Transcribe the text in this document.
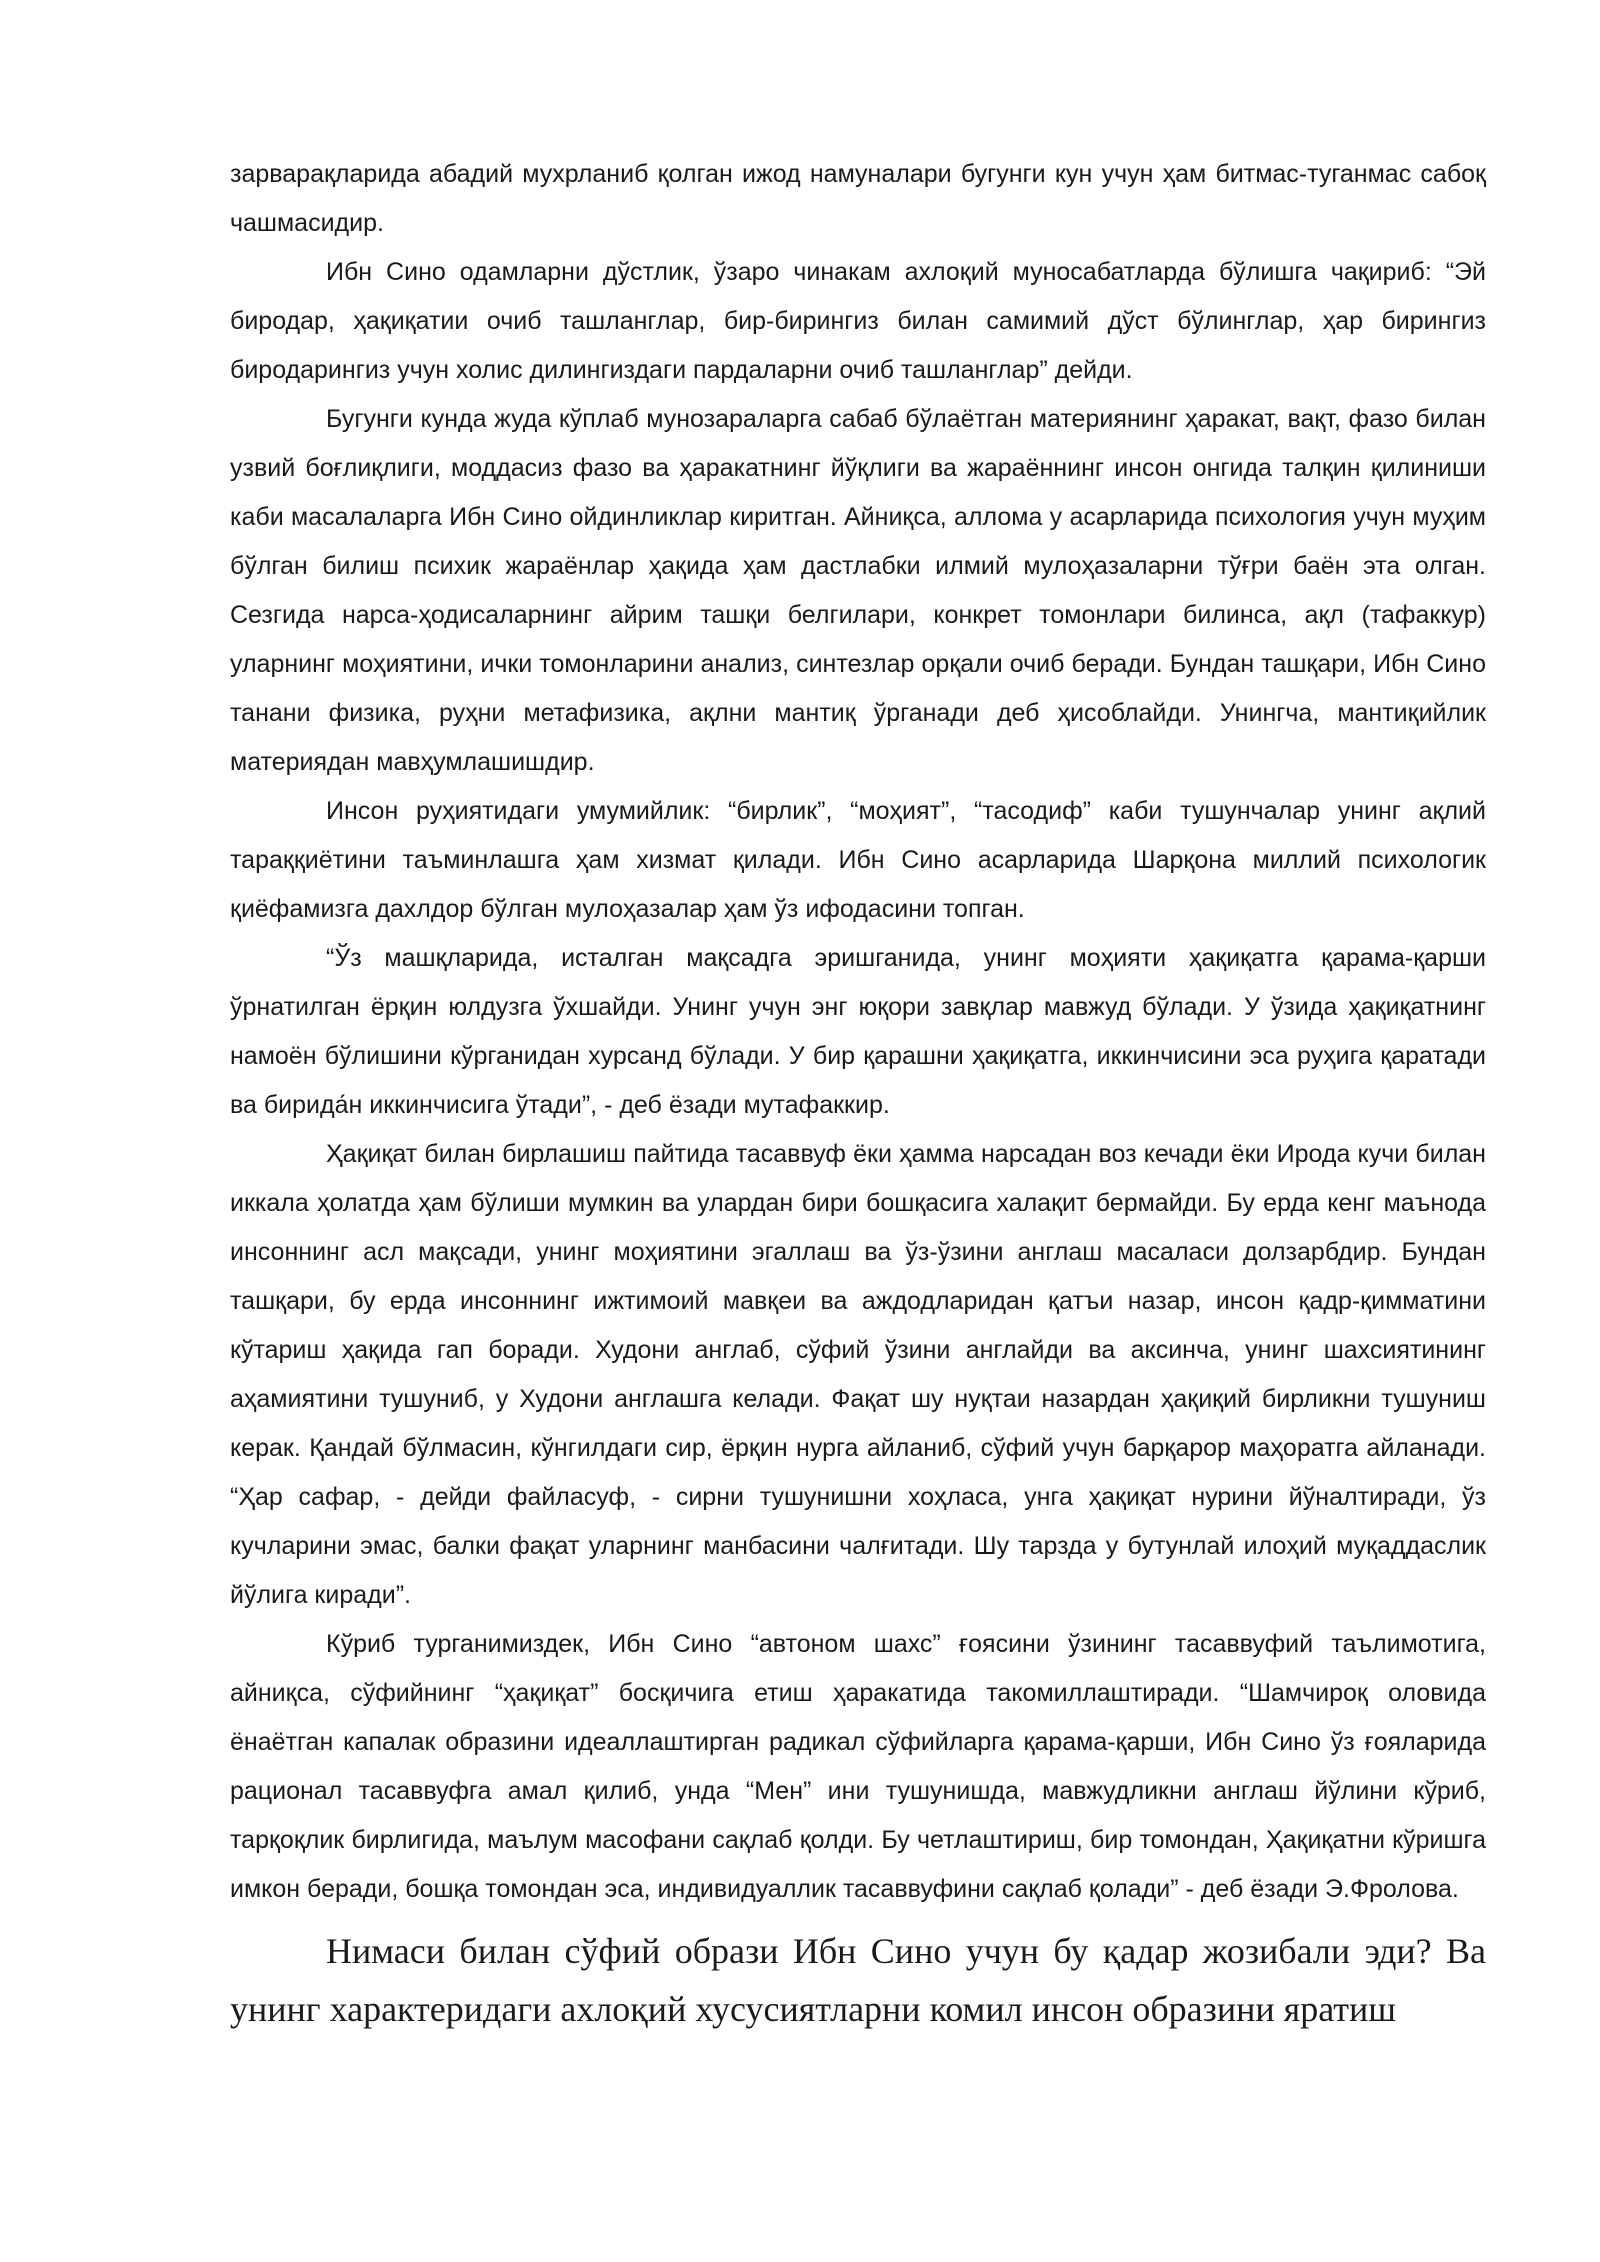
зарварақларида абадий мухрланиб қолган ижод намуналари бугунги кун учун ҳам битмас-туганмас сабоқ чашмасидир.

Ибн Сино одамларни дўстлик, ўзаро чинакам ахлоқий муносабатларда бўлишга чақириб: “Эй биродар, ҳақиқатии очиб ташланглар, бир-бирингиз билан самимий дўст бўлинглар, ҳар бирингиз биродарингиз учун холис дилингиздаги пардаларни очиб ташланглар” дейди.

Бугунги кунда жуда кўплаб мунозараларга сабаб бўлаётган материянинг ҳаракат, вақт, фазо билан узвий боғлиқлиги, моддасиз фазо ва ҳаракатнинг йўқлиги ва жараённинг инсон онгида талқин қилиниши каби масалаларга Ибн Сино ойдинликлар киритган. Айниқса, аллома у асарларида психология учун муҳим бўлган билиш психик жараёнлар ҳақида ҳам дастлабки илмий мулоҳазаларни тўғри баён эта олган. Сезгида нарса-ҳодисаларнинг айрим ташқи белгилари, конкрет томонлари билинса, ақл (тафаккур) уларнинг моҳиятини, ички томонларини анализ, синтезлар орқали очиб беради. Бундан ташқари, Ибн Сино танани физика, руҳни метафизика, ақлни мантиқ ўрганади деб ҳисоблайди. Унингча, мантиқийлик материядан мавҳумлашишдир.

Инсон руҳиятидаги умумийлик: “бирлик”, “моҳият”, “тасодиф” каби тушунчалар унинг ақлий тараққиётини таъминлашга ҳам хизмат қилади. Ибн Сино асарларида Шарқона миллий психологик қиёфамизга дахлдор бўлган мулоҳазалар ҳам ўз ифодасини топган.

“Ўз машқларида, исталган мақсадга эришганида, унинг моҳияти ҳақиқатга қарама-қарши ўрнатилган ёрқин юлдузга ўхшайди. Унинг учун энг юқори завқлар мавжуд бўлади. У ўзида ҳақиқатнинг намоён бўлишини кўрганидан хурсанд бўлади. У бир қарашни ҳақиқатга, иккинчисини эса руҳига қаратади ва бирида́н иккинчисига ўтади”, - деб ёзади мутафаккир.

Ҳақиқат билан бирлашиш пайтида тасаввуф ёки ҳамма нарсадан воз кечади ёки Ирода кучи билан иккала ҳолатда ҳам бўлиши мумкин ва улардан бири бошқасига халақит бермайди. Бу ерда кенг маънода инсоннинг асл мақсади, унинг моҳиятини эгаллаш ва ўз-ўзини англаш масаласи долзарбдир. Бундан ташқари, бу ерда инсоннинг ижтимоий мавқеи ва аждодларидан қатъи назар, инсон қадр-қимматини кўтариш ҳақида гап боради. Худони англаб, сўфий ўзини англайди ва аксинча, унинг шахсиятининг аҳамиятини тушуниб, у Худони англашга келади. Фақат шу нуқтаи назардан ҳақиқий бирликни тушуниш керак. Қандай бўлмасин, кўнгилдаги сир, ёрқин нурга айланиб, сўфий учун барқарор маҳоратга айланади. “Ҳар сафар, - дейди файласуф, - сирни тушунишни хоҳласа, унга ҳақиқат нурини йўналтиради, ўз кучларини эмас, балки фақат уларнинг манбасини чалғитади. Шу тарзда у бутунлай илоҳий муқаддаслик йўлига киради”.

Кўриб турганимиздек, Ибн Сино “автоном шахс” ғоясини ўзининг тасаввуфий таълимотига, айниқса, сўфийнинг “ҳақиқат” босқичига етиш ҳаракатида такомиллаштиради. “Шамчироқ оловида ёнаётган капалак образини идеаллаштирган радикал сўфийларга қарама-қарши, Ибн Сино ўз ғояларида рационал тасаввуфга амал қилиб, унда “Мен” ини тушунишда, мавжудликни англаш йўлини кўриб, тарқоқлик бирлигида, маълум масофани сақлаб қолди. Бу четлаштириш, бир томондан, Ҳақиқатни кўришга имкон беради, бошқа томондан эса, индивидуаллик тасаввуфини сақлаб қолади” - деб ёзади Э.Фролова.

Нимаси билан сўфий образи Ибн Сино учун бу қадар жозибали эди? Ва унинг характеридаги ахлоқий хусусиятларни комил инсон образини яратиш
